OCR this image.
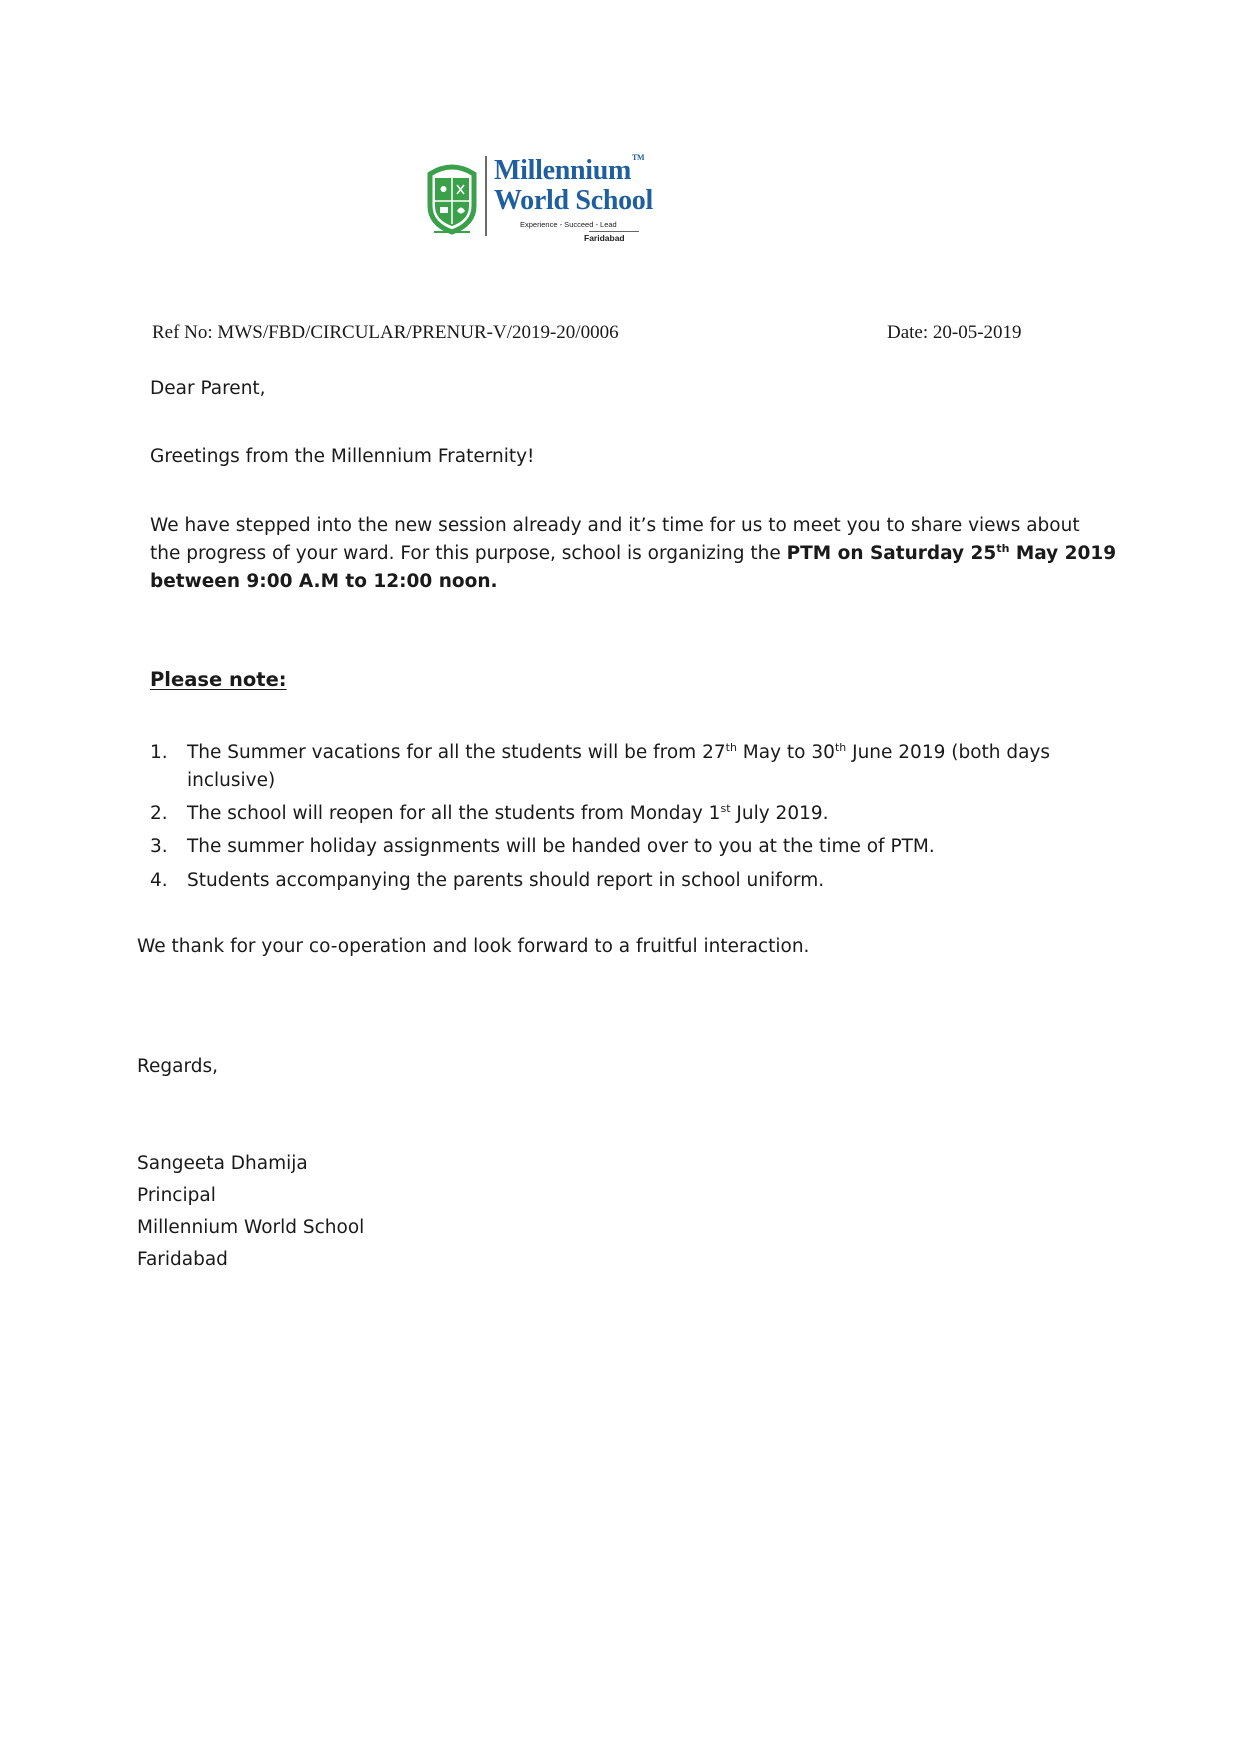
Millennium™
World School
Experience - Succeed - Lead
Faridabad
Ref No: MWS/FBD/CIRCULAR/PRENUR-V/2019-20/0006	Date: 20-05-2019
Dear Parent,
Greetings from the Millennium Fraternity!
We have stepped into the new session already and it’s time for us to meet you to share views about
the progress of your ward. For this purpose, school is organizing the PTM on Saturday 25th May 2019
between 9:00 A.M to 12:00 noon.
Please note:
1. The Summer vacations for all the students will be from 27th May to 30th June 2019 (both days
inclusive)
2. The school will reopen for all the students from Monday 1st July 2019.
3. The summer holiday assignments will be handed over to you at the time of PTM.
4. Students accompanying the parents should report in school uniform.
We thank for your co-operation and look forward to a fruitful interaction.
Regards,
Sangeeta Dhamija
Principal
Millennium World School
Faridabad
